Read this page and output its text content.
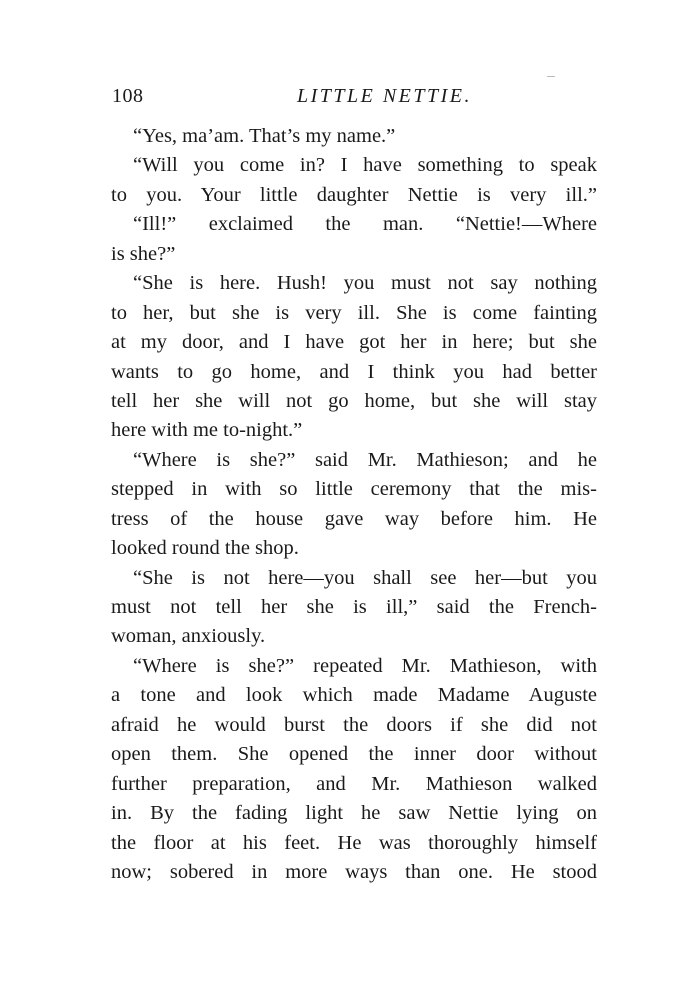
108	LITTLE NETTIE.
“Yes, ma’am. That’s my name.”
“Will you come in? I have something to speak
to you. Your little daughter Nettie is very ill.”
“Ill!” exclaimed the man. “Nettie!—Where
is she?”
“She is here. Hush! you must not say nothing
to her, but she is very ill. She is come fainting
at my door, and I have got her in here; but she
wants to go home, and I think you had better
tell her she will not go home, but she will stay
here with me to-night.”
“Where is she?” said Mr. Mathieson; and he
stepped in with so little ceremony that the mis-
tress of the house gave way before him. He
looked round the shop.
“She is not here—you shall see her—but you
must not tell her she is ill,” said the French-
woman, anxiously.
“Where is she?” repeated Mr. Mathieson, with
a tone and look which made Madame Auguste
afraid he would burst the doors if she did not
open them. She opened the inner door without
further preparation, and Mr. Mathieson walked
in. By the fading light he saw Nettie lying on
the floor at his feet. He was thoroughly himself
now; sobered in more ways than one. He stood
